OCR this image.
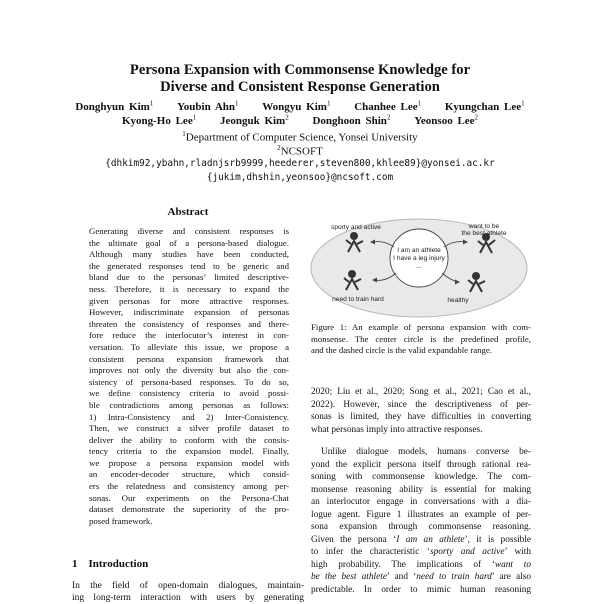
Persona Expansion with Commonsense Knowledge for
Diverse and Consistent Response Generation
Donghyun Kim$^1$ Youbin Ahn$^1$ Wongyu Kim$^1$ Chanhee Lee$^1$ Kyungchan Lee$^1$
Kyong-Ho Lee$^1$ Jeonguk Kim$^2$ Donghoon Shin$^2$ Yeonsoo Lee$^2$
$^1$Department of Computer Science, Yonsei University
$^2$NCSOFT
{dhkim92,ybahn,rladnjsrb9999,heederer,steven800,khlee89}@yonsei.ac.kr
{jukim,dhshin,yeonsoo}@ncsoft.com
Abstract
Generating diverse and consistent responses is
the ultimate goal of a persona-based dialogue.
Although many studies have been conducted,
the generated responses tend to be generic and
bland due to the personas’ limited descriptive-
ness. Therefore, it is necessary to expand the
given personas for more attractive responses.
However, indiscriminate expansion of personas
threaten the consistency of responses and there-
fore reduce the interlocutor’s interest in con-
versation. To alleviate this issue, we propose a
consistent persona expansion framework that
improves not only the diversity but also the con-
sistency of persona-based responses. To do so,
we define consistency criteria to avoid possi-
ble contradictions among personas as follows:
1) Intra-Consistency and 2) Inter-Consistency.
Then, we construct a silver profile dataset to
deliver the ability to conform with the consis-
tency criteria to the expansion model. Finally,
we propose a persona expansion model with
an encoder-decoder structure, which consid-
ers the relatedness and consistency among per-
sonas. Our experiments on the Persona-Chat
dataset demonstrate the superiority of the pro-
posed framework.
1 Introduction
In the field of open-domain dialogues, maintain-
ing long-term interaction with users by generating
I am an athlete
I have a leg injury
...
sporty and active	want to be
the best athlete
need to train hard	healthy
Figure 1: An example of persona expansion with com-
monsense. The center circle is the predefined profile,
and the dashed circle is the valid expandable range.
2020; Liu et al., 2020; Song et al., 2021; Cao et al.,
2022). However, since the descriptiveness of per-
sonas is limited, they have difficulties in converting
what personas imply into attractive responses.
Unlike dialogue models, humans converse be-
yond the explicit persona itself through rational rea-
soning with commonsense knowledge. The com-
monsense reasoning ability is essential for making
an interlocutor engage in conversations with a dia-
logue agent. Figure 1 illustrates an example of per-
sona expansion through commonsense reasoning.
Given the persona ‘I am an athlete’, it is possible
to infer the characteristic ‘sporty and active’ with
high probability. The implications of ‘want to
be the best athlete’ and ‘need to train hard’ are also
predictable. In order to mimic human reasoning
